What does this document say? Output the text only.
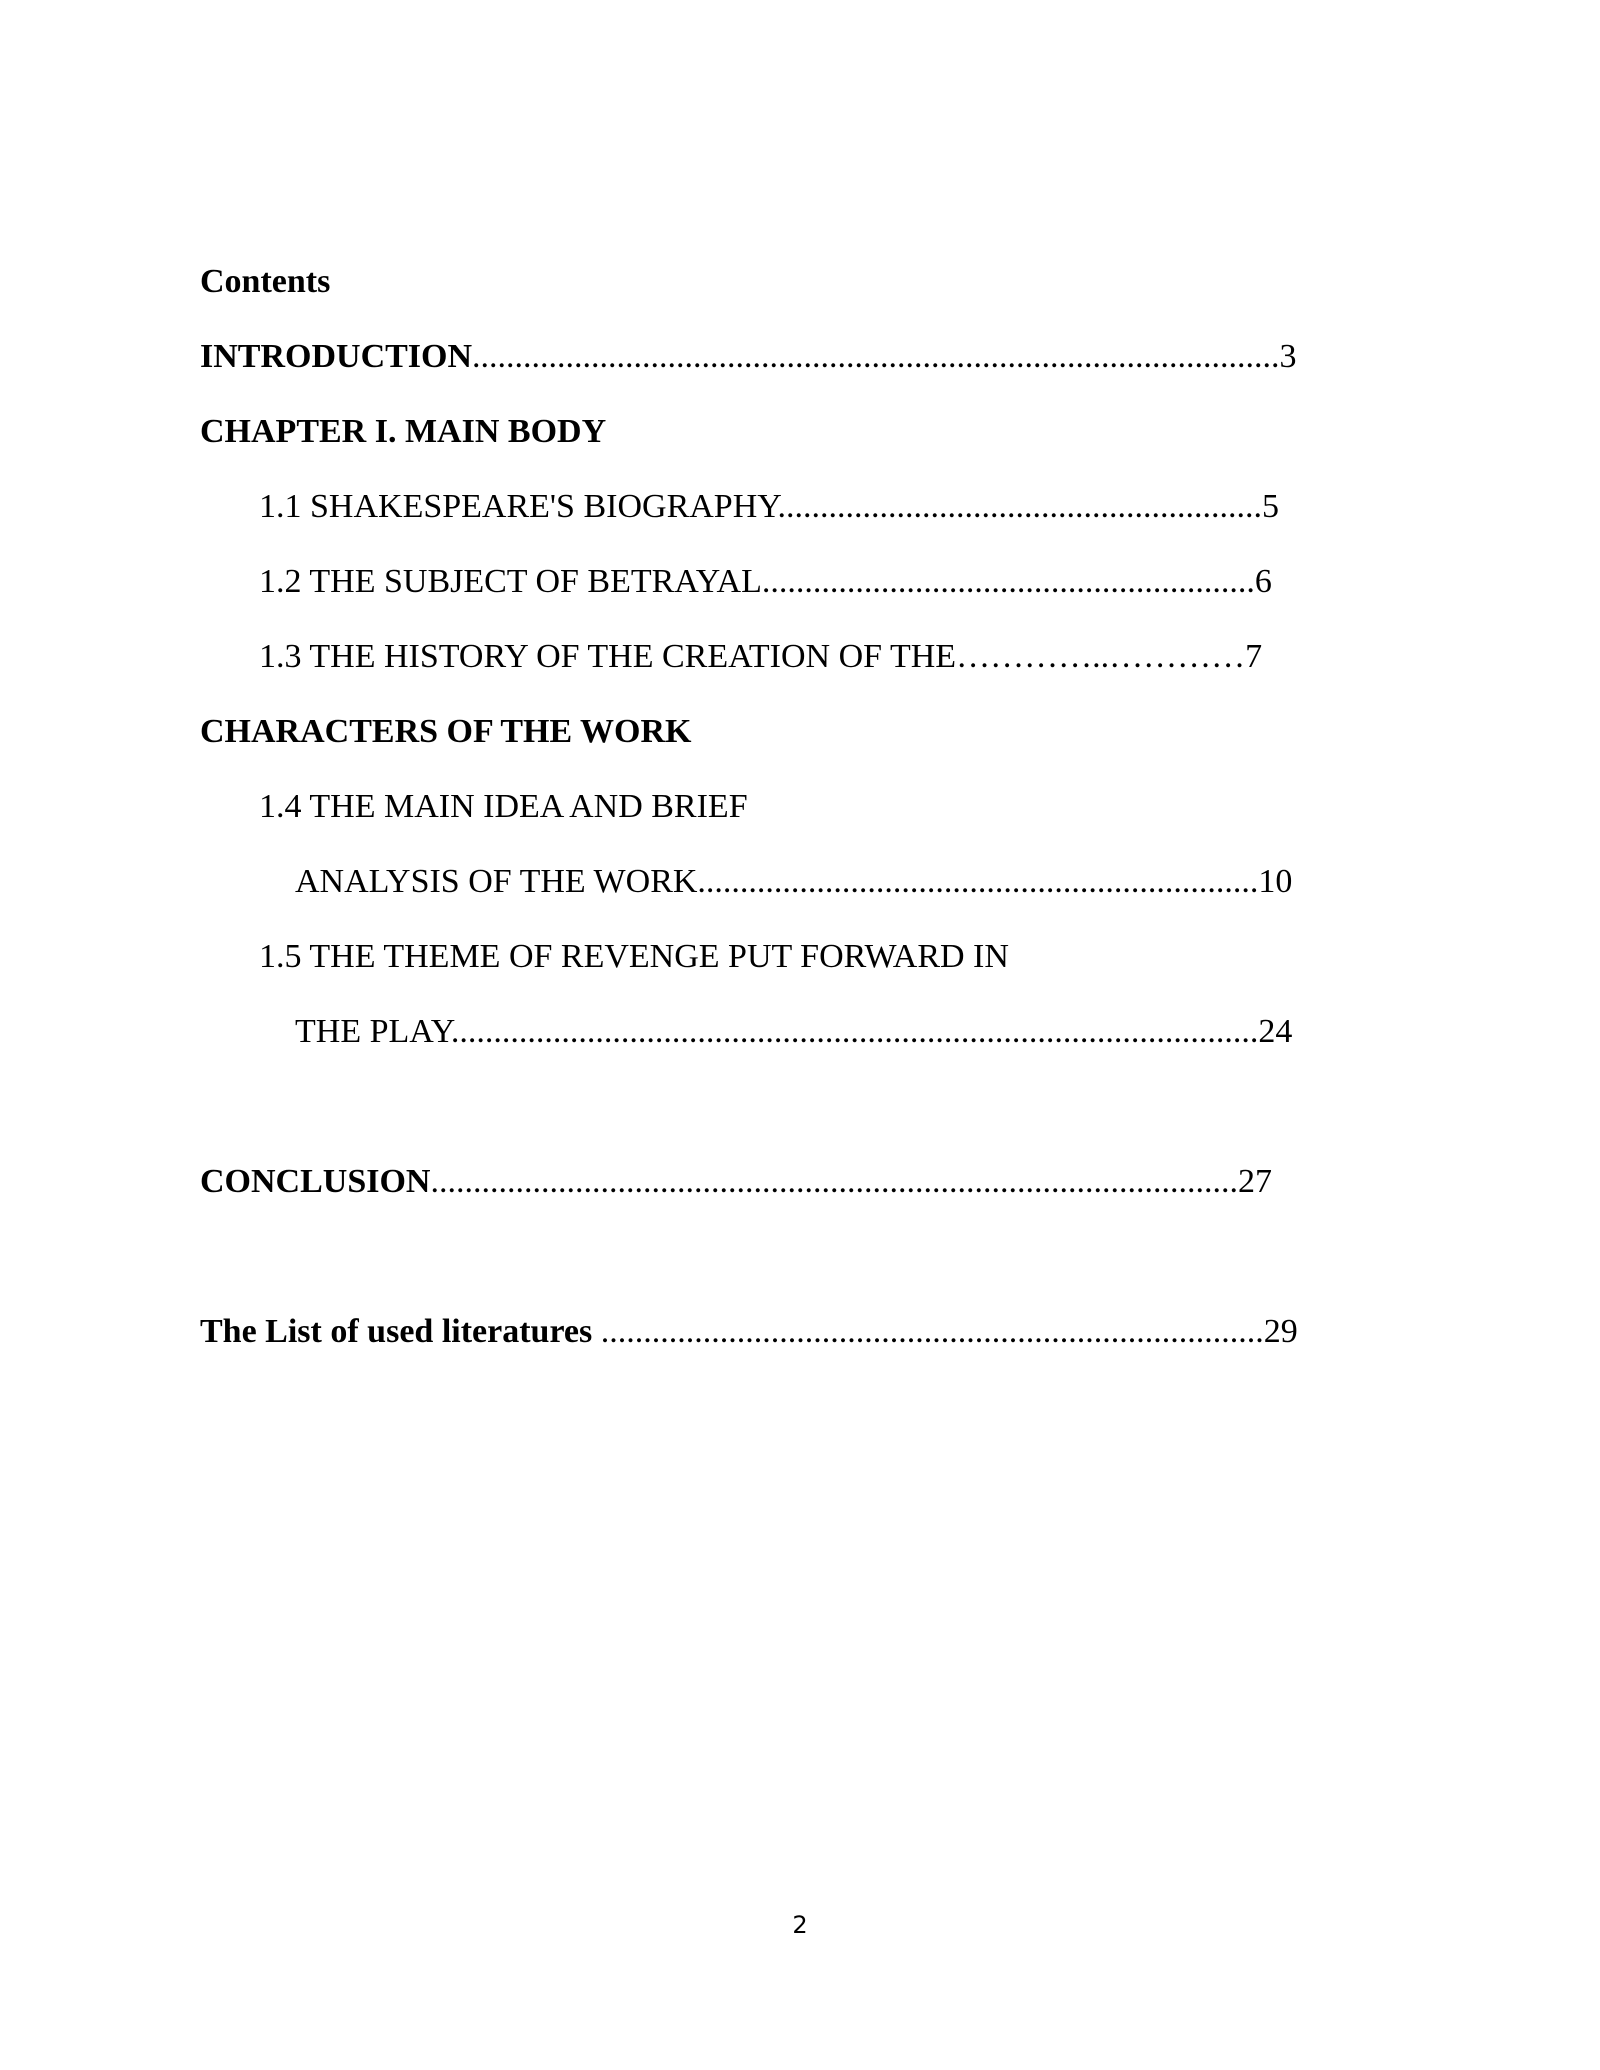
Contents
INTRODUCTION...............................................................................................3
CHAPTER I. MAIN BODY
1.1 SHAKESPEARE'S BIOGRAPHY.........................................................5
1.2 THE SUBJECT OF BETRAYAL..........................................................6
1.3 THE HISTORY OF THE CREATION OF THE…………..…………7
CHARACTERS OF THE WORK
1.4 THE MAIN IDEA AND BRIEF
ANALYSIS OF THE WORK..................................................................10
1.5 THE THEME OF REVENGE PUT FORWARD IN
THE PLAY...............................................................................................24
CONCLUSION...............................................................................................27
The List of used literatures ..............................................................................29
2
